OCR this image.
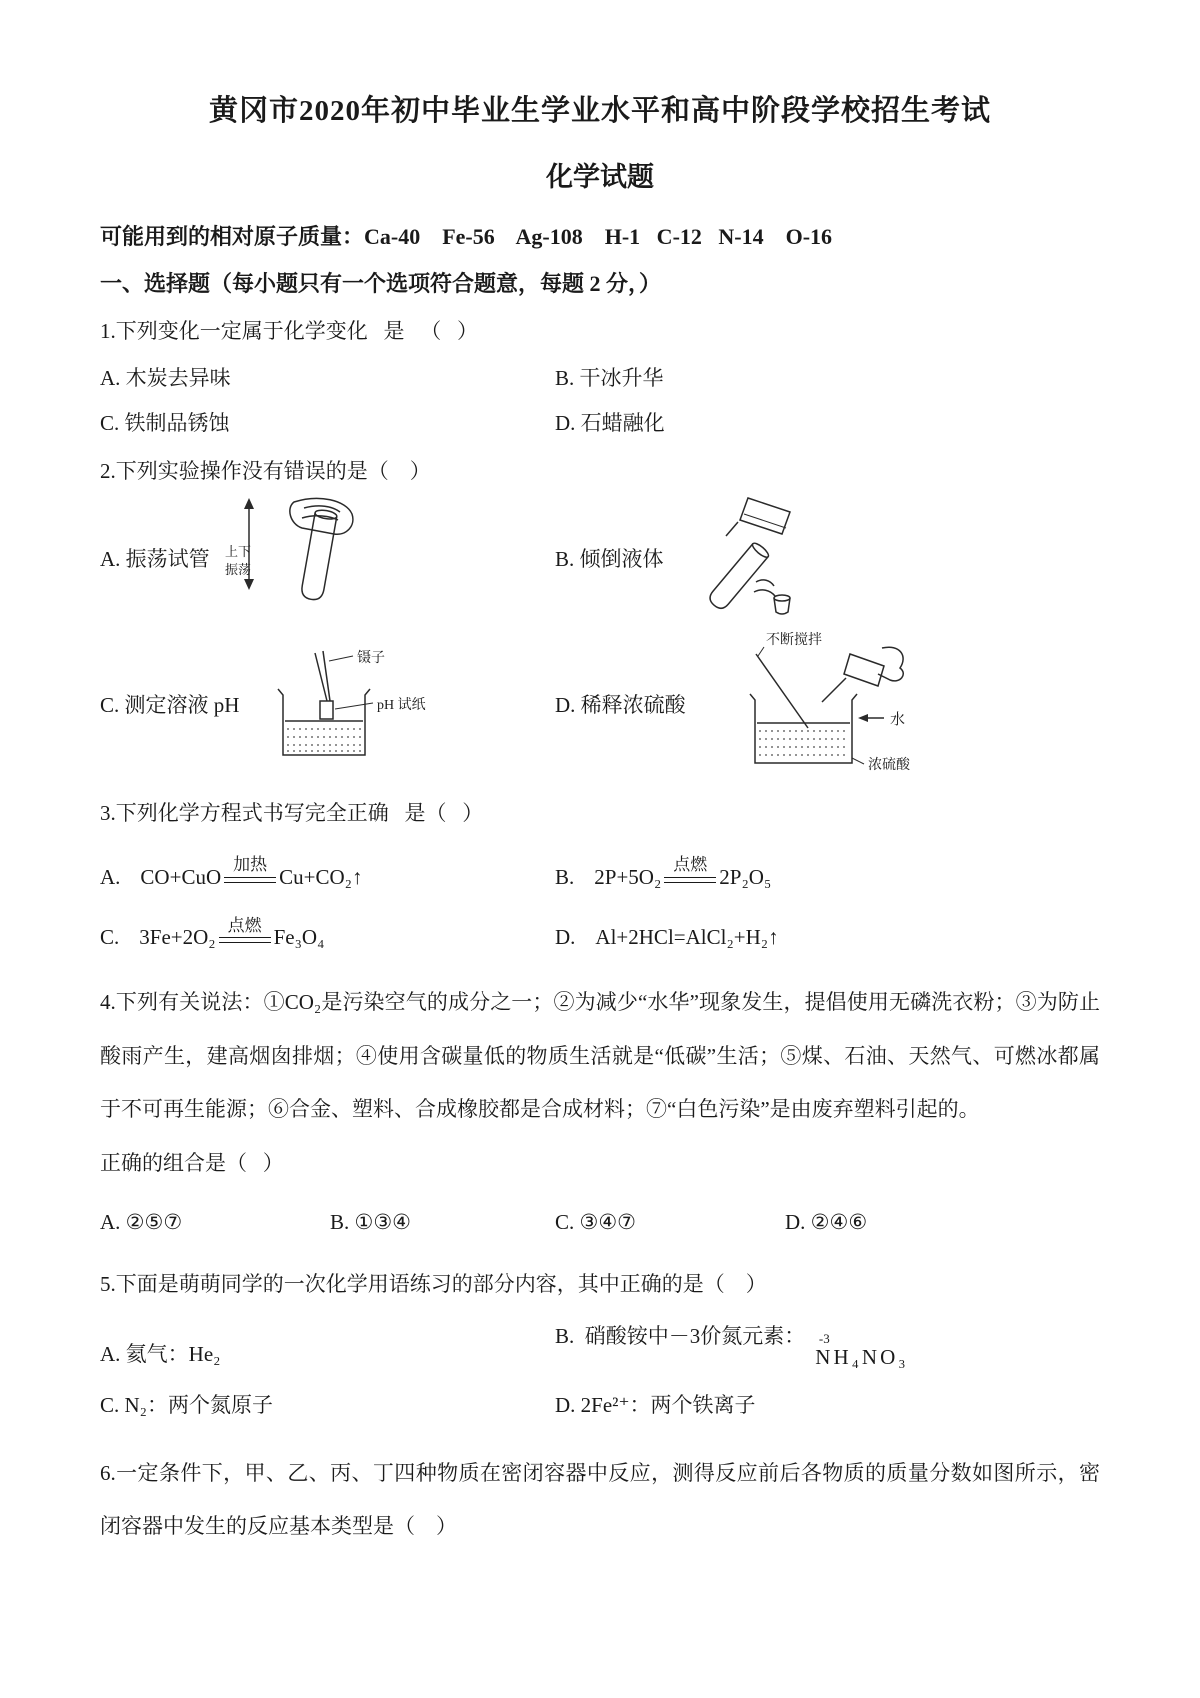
黄冈市2020年初中毕业生学业水平和高中阶段学校招生考试
化学试题
可能用到的相对原子质量：Ca-40    Fe-56    Ag-108    H-1   C-12   N-14    O-16
一、选择题（每小题只有一个选项符合题意，每题 2 分，）
1.下列变化一定属于化学变化   是   （   ）
A. 木炭去异味	B. 干冰升华
C. 铁制品锈蚀	D. 石蜡融化
2.下列实验操作没有错误的是（    ）
A. 振荡试管 上下
振荡	B. 倾倒液体
C. 测定溶液 pH
镊子
pH 试纸	D. 稀释浓硫酸
不断搅拌
水
浓硫酸
3.下列化学方程式书写完全正确   是（   ）
A. CO+CuO 加热 Cu+CO₂↑	B. 2P+5O₂ 点燃 2P₂O₅
C. 3Fe+2O₂ 点燃 Fe₃O₄	D. Al+2HCl=AlCl₂+H₂↑
4.下列有关说法：①CO₂是污染空气的成分之一；②为减少“水华”现象发生，提倡使用无磷洗衣粉；③为防止酸雨产生，建高烟囱排烟；④使用含碳量低的物质生活就是“低碳”生活；⑤煤、石油、天然气、可燃冰都属于不可再生能源；⑥合金、塑料、合成橡胶都是合成材料；⑦“白色污染”是由废弃塑料引起的。
正确的组合是（   ）
A. ②⑤⑦	B. ①③④	C. ③④⑦	D. ②④⑥
5.下面是萌萌同学的一次化学用语练习的部分内容，其中正确的是（    ）
A. 氦气：He₂
B.  硝酸铵中－3价氮元素： -3
N H₄NO₃
C. N₂：两个氮原子	D. 2Fe²⁺：两个铁离子
6.一定条件下，甲、乙、丙、丁四种物质在密闭容器中反应，测得反应前后各物质的质量分数如图所示，密闭容器中发生的反应基本类型是（    ）
